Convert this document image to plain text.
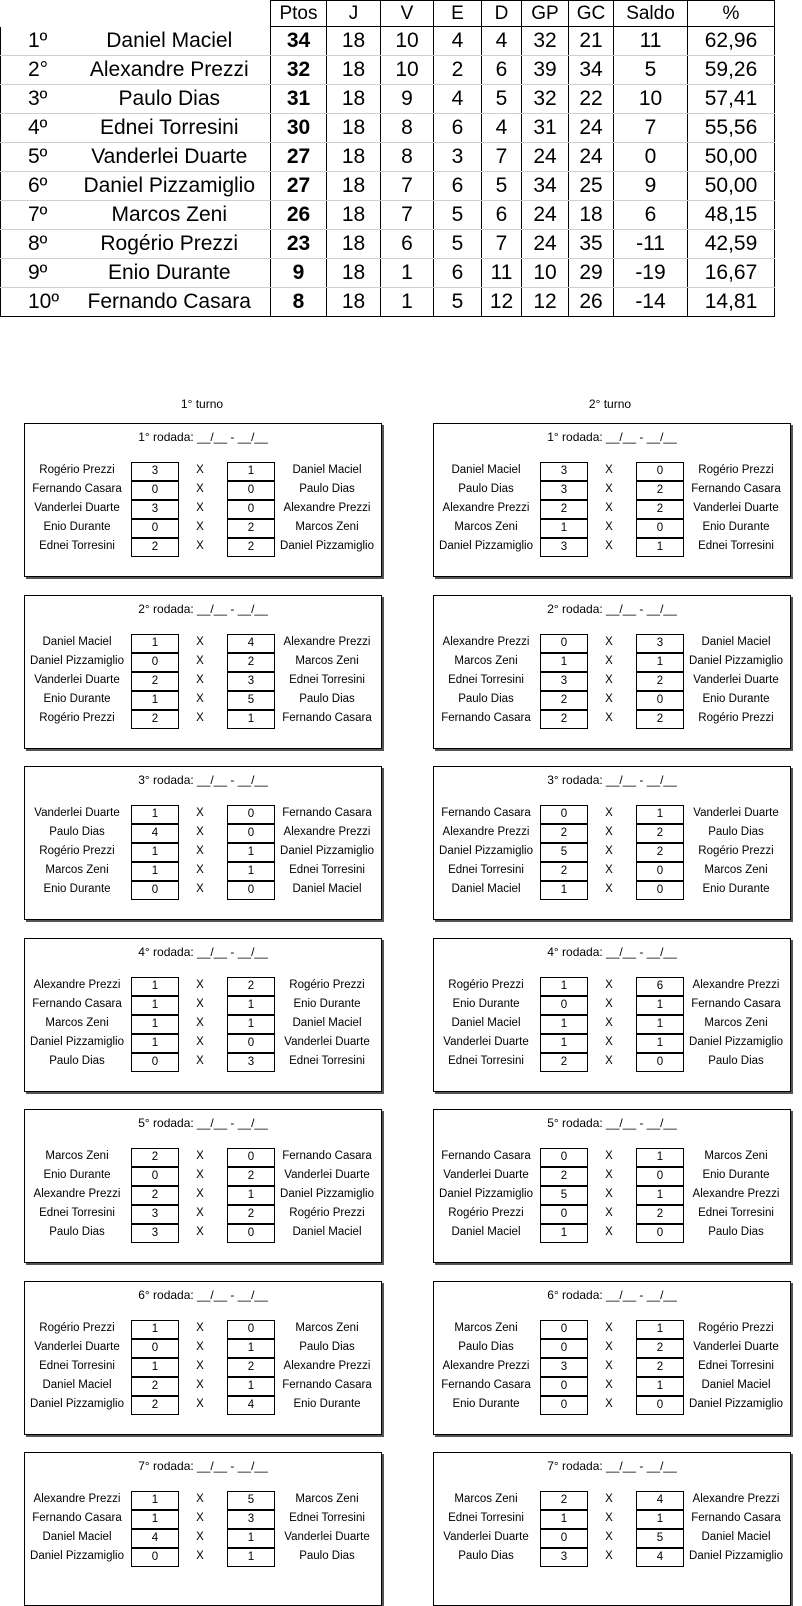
		Ptos	J	V	E	D	GP	GC	Saldo	%
1º	Daniel Maciel	34	18	10	4	4	32	21	11	62,96
2°	Alexandre Prezzi	32	18	10	2	6	39	34	5	59,26
3º	Paulo Dias	31	18	9	4	5	32	22	10	57,41
4º	Ednei Torresini	30	18	8	6	4	31	24	7	55,56
5º	Vanderlei Duarte	27	18	8	3	7	24	24	0	50,00
6º	Daniel Pizzamiglio	27	18	7	6	5	34	25	9	50,00
7º	Marcos Zeni	26	18	7	5	6	24	18	6	48,15
8º	Rogério Prezzi	23	18	6	5	7	24	35	-11	42,59
9º	Enio Durante	9	18	1	6	11	10	29	-19	16,67
10º	Fernando Casara	8	18	1	5	12	12	26	-14	14,81
1° turno	2° turno
1° rodada: __/__ - __/__
Rogério Prezzi	3	X	1	Daniel Maciel
Fernando Casara	0	X	0	Paulo Dias
Vanderlei Duarte	3	X	0	Alexandre Prezzi
Enio Durante	0	X	2	Marcos Zeni
Ednei Torresini	2	X	2	Daniel Pizzamiglio
1° rodada: __/__ - __/__
Daniel Maciel	3	X	0	Rogério Prezzi
Paulo Dias	3	X	2	Fernando Casara
Alexandre Prezzi	2	X	2	Vanderlei Duarte
Marcos Zeni	1	X	0	Enio Durante
Daniel Pizzamiglio	3	X	1	Ednei Torresini
2° rodada: __/__ - __/__
Daniel Maciel	1	X	4	Alexandre Prezzi
Daniel Pizzamiglio	0	X	2	Marcos Zeni
Vanderlei Duarte	2	X	3	Ednei Torresini
Enio Durante	1	X	5	Paulo Dias
Rogério Prezzi	2	X	1	Fernando Casara
2° rodada: __/__ - __/__
Alexandre Prezzi	0	X	3	Daniel Maciel
Marcos Zeni	1	X	1	Daniel Pizzamiglio
Ednei Torresini	3	X	2	Vanderlei Duarte
Paulo Dias	2	X	0	Enio Durante
Fernando Casara	2	X	2	Rogério Prezzi
3° rodada: __/__ - __/__
Vanderlei Duarte	1	X	0	Fernando Casara
Paulo Dias	4	X	0	Alexandre Prezzi
Rogério Prezzi	1	X	1	Daniel Pizzamiglio
Marcos Zeni	1	X	1	Ednei Torresini
Enio Durante	0	X	0	Daniel Maciel
3° rodada: __/__ - __/__
Fernando Casara	0	X	1	Vanderlei Duarte
Alexandre Prezzi	2	X	2	Paulo Dias
Daniel Pizzamiglio	5	X	2	Rogério Prezzi
Ednei Torresini	2	X	0	Marcos Zeni
Daniel Maciel	1	X	0	Enio Durante
4° rodada: __/__ - __/__
Alexandre Prezzi	1	X	2	Rogério Prezzi
Fernando Casara	1	X	1	Enio Durante
Marcos Zeni	1	X	1	Daniel Maciel
Daniel Pizzamiglio	1	X	0	Vanderlei Duarte
Paulo Dias	0	X	3	Ednei Torresini
4° rodada: __/__ - __/__
Rogério Prezzi	1	X	6	Alexandre Prezzi
Enio Durante	0	X	1	Fernando Casara
Daniel Maciel	1	X	1	Marcos Zeni
Vanderlei Duarte	1	X	1	Daniel Pizzamiglio
Ednei Torresini	2	X	0	Paulo Dias
5° rodada: __/__ - __/__
Marcos Zeni	2	X	0	Fernando Casara
Enio Durante	0	X	2	Vanderlei Duarte
Alexandre Prezzi	2	X	1	Daniel Pizzamiglio
Ednei Torresini	3	X	2	Rogério Prezzi
Paulo Dias	3	X	0	Daniel Maciel
5° rodada: __/__ - __/__
Fernando Casara	0	X	1	Marcos Zeni
Vanderlei Duarte	2	X	0	Enio Durante
Daniel Pizzamiglio	5	X	1	Alexandre Prezzi
Rogério Prezzi	0	X	2	Ednei Torresini
Daniel Maciel	1	X	0	Paulo Dias
6° rodada: __/__ - __/__
Rogério Prezzi	1	X	0	Marcos Zeni
Vanderlei Duarte	0	X	1	Paulo Dias
Ednei Torresini	1	X	2	Alexandre Prezzi
Daniel Maciel	2	X	1	Fernando Casara
Daniel Pizzamiglio	2	X	4	Enio Durante
6° rodada: __/__ - __/__
Marcos Zeni	0	X	1	Rogério Prezzi
Paulo Dias	0	X	2	Vanderlei Duarte
Alexandre Prezzi	3	X	2	Ednei Torresini
Fernando Casara	0	X	1	Daniel Maciel
Enio Durante	0	X	0	Daniel Pizzamiglio
7° rodada: __/__ - __/__
Alexandre Prezzi	1	X	5	Marcos Zeni
Fernando Casara	1	X	3	Ednei Torresini
Daniel Maciel	4	X	1	Vanderlei Duarte
Daniel Pizzamiglio	0	X	1	Paulo Dias
7° rodada: __/__ - __/__
Marcos Zeni	2	X	4	Alexandre Prezzi
Ednei Torresini	1	X	1	Fernando Casara
Vanderlei Duarte	0	X	5	Daniel Maciel
Paulo Dias	3	X	4	Daniel Pizzamiglio
